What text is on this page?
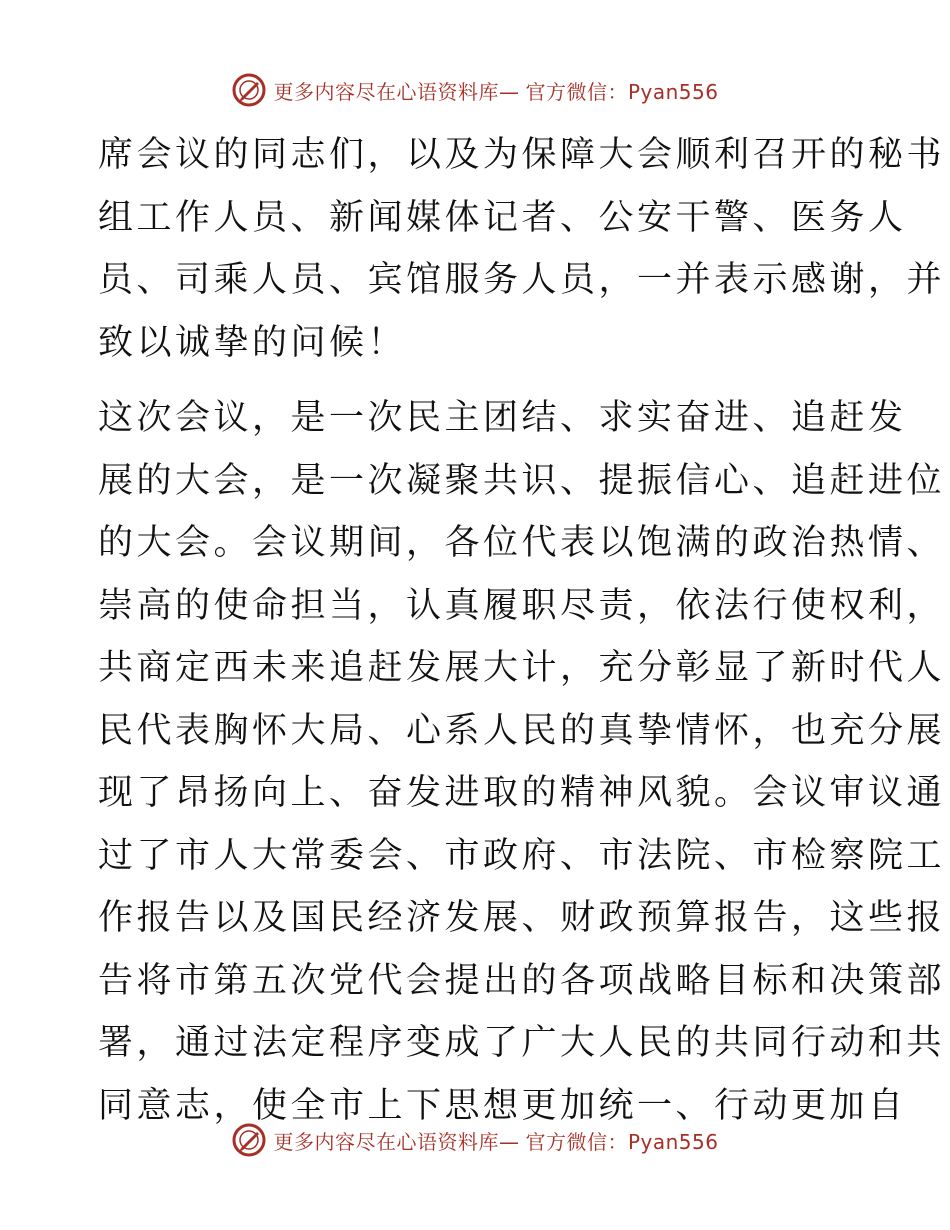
更多内容尽在心语资料库— 官方微信：Pyan556

席会议的同志们，以及为保障大会顺利召开的秘书
组工作人员、新闻媒体记者、公安干警、医务人
员、司乘人员、宾馆服务人员，一并表示感谢，并
致以诚挚的问候！

这次会议，是一次民主团结、求实奋进、追赶发
展的大会，是一次凝聚共识、提振信心、追赶进位
的大会。会议期间，各位代表以饱满的政治热情、
崇高的使命担当，认真履职尽责，依法行使权利，
共商定西未来追赶发展大计，充分彰显了新时代人
民代表胸怀大局、心系人民的真挚情怀，也充分展
现了昂扬向上、奋发进取的精神风貌。会议审议通
过了市人大常委会、市政府、市法院、市检察院工
作报告以及国民经济发展、财政预算报告，这些报
告将市第五次党代会提出的各项战略目标和决策部
署，通过法定程序变成了广大人民的共同行动和共
同意志，使全市上下思想更加统一、行动更加自

更多内容尽在心语资料库— 官方微信：Pyan556
